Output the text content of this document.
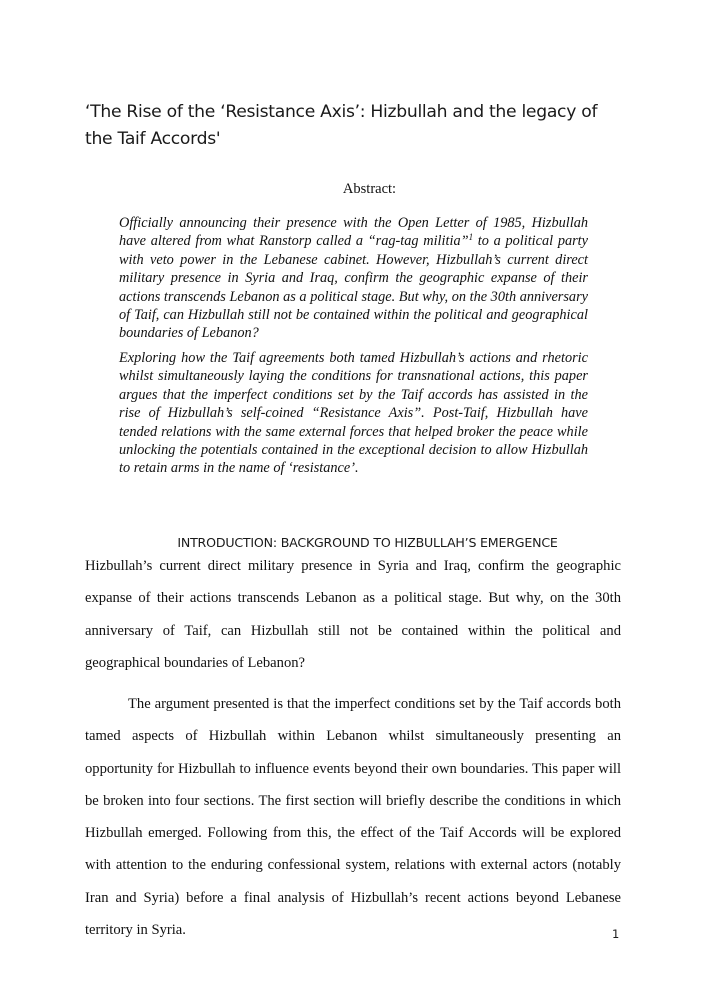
‘The Rise of the ‘Resistance Axis’: Hizbullah and the legacy of the Taif Accords'
Abstract:

Officially announcing their presence with the Open Letter of 1985, Hizbullah have altered from what Ranstorp called a “rag-tag militia”$^1$ to a political party with veto power in the Lebanese cabinet. However, Hizbullah’s current direct military presence in Syria and Iraq, confirm the geographic expanse of their actions transcends Lebanon as a political stage. But why, on the 30th anniversary of Taif, can Hizbullah still not be contained within the political and geographical boundaries of Lebanon?

Exploring how the Taif agreements both tamed Hizbullah’s actions and rhetoric whilst simultaneously laying the conditions for transnational actions, this paper argues that the imperfect conditions set by the Taif accords has assisted in the rise of Hizbullah’s self-coined “Resistance Axis”. Post-Taif, Hizbullah have tended relations with the same external forces that helped broker the peace while unlocking the potentials contained in the exceptional decision to allow Hizbullah to retain arms in the name of ‘resistance’.

INTRODUCTION: BACKGROUND TO HIZBULLAH’S EMERGENCE

Hizbullah’s current direct military presence in Syria and Iraq, confirm the geographic expanse of their actions transcends Lebanon as a political stage. But why, on the 30th anniversary of Taif, can Hizbullah still not be contained within the political and geographical boundaries of Lebanon?

The argument presented is that the imperfect conditions set by the Taif accords both tamed aspects of Hizbullah within Lebanon whilst simultaneously presenting an opportunity for Hizbullah to influence events beyond their own boundaries. This paper will be broken into four sections. The first section will briefly describe the conditions in which Hizbullah emerged. Following from this, the effect of the Taif Accords will be explored with attention to the enduring confessional system, relations with external actors (notably Iran and Syria) before a final analysis of Hizbullah’s recent actions beyond Lebanese territory in Syria.	1
